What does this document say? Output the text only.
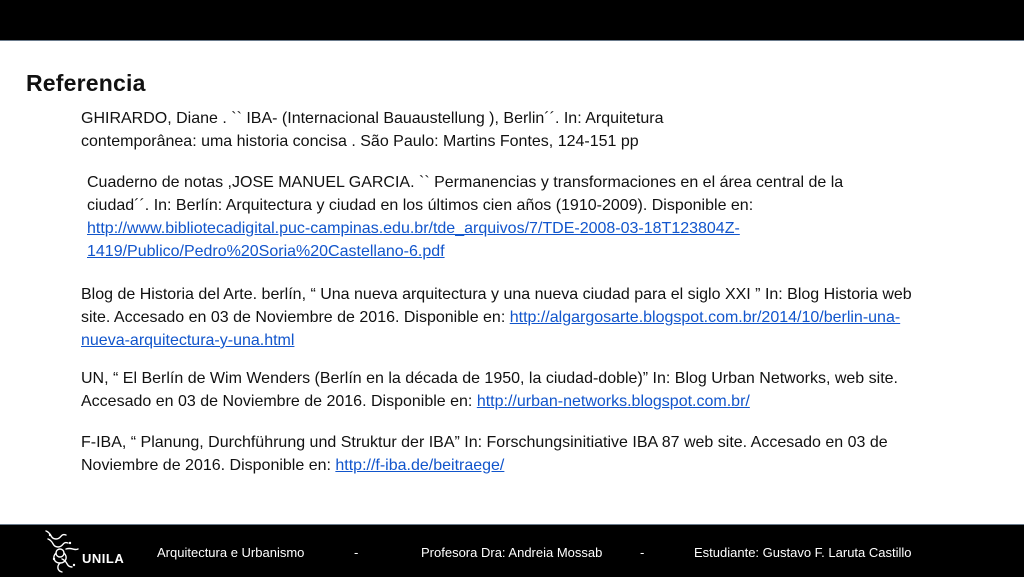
Referencia

GHIRARDO, Diane . `` IBA- (Internacional Bauaustellung ), Berlin´´. In: Arquitetura contemporânea: uma historia concisa . São Paulo: Martins Fontes, 124-151 pp

Cuaderno de notas ,JOSE MANUEL GARCIA. `` Permanencias y transformaciones en el área central de la ciudad´´. In: Berlín: Arquitectura y ciudad en los últimos cien años (1910-2009). Disponible en: http://www.bibliotecadigital.puc-campinas.edu.br/tde_arquivos/7/TDE-2008-03-18T123804Z-1419/Publico/Pedro%20Soria%20Castellano-6.pdf

Blog de Historia del Arte. berlín, “ Una nueva arquitectura y una nueva ciudad para el siglo XXI ” In: Blog Historia web site. Accesado en 03 de Noviembre de 2016. Disponible en: http://algargosarte.blogspot.com.br/2014/10/berlin-una-nueva-arquitectura-y-una.html

UN, “ El Berlín de Wim Wenders (Berlín en la década de 1950, la ciudad-doble)” In: Blog Urban Networks, web site. Accesado en 03 de Noviembre de 2016. Disponible en: http://urban-networks.blogspot.com.br/

F-IBA, “ Planung, Durchführung und Struktur der IBA” In: Forschungsinitiative IBA 87 web site. Accesado en 03 de Noviembre de 2016. Disponible en: http://f-iba.de/beitraege/

UNILA	Arquitectura e Urbanismo	-	Profesora Dra: Andreia Mossab	-	Estudiante: Gustavo F. Laruta Castillo
